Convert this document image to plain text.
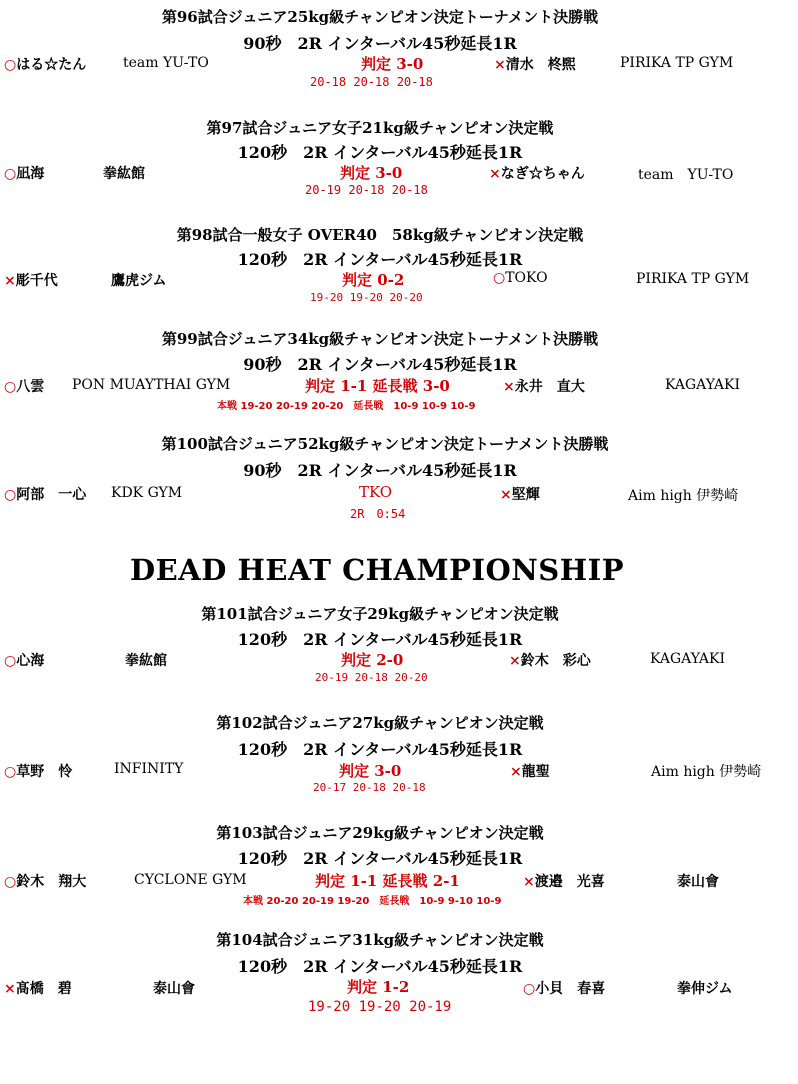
第96試合ジュニア25kg級チャンピオン決定トーナメント決勝戦
90秒　2R インターバル45秒延長1R
○はる☆たん	team YU-TO	判定 3-0	×清水　柊煕	PIRIKA TP GYM
20-18 20-18 20-18
第97試合ジュニア女子21kg級チャンピオン決定戦
120秒　2R インターバル45秒延長1R
○凪海	拳紘館	判定 3-0	×なぎ☆ちゃん	team　YU-TO
20-19 20-18 20-18
第98試合一般女子 OVER40　58kg級チャンピオン決定戦
120秒　2R インターバル45秒延長1R
×彫千代	鷹虎ジム	判定 0-2	○TOKO	PIRIKA TP GYM
19-20 19-20 20-20
第99試合ジュニア34kg級チャンピオン決定トーナメント決勝戦
90秒　2R インターバル45秒延長1R
○八雲 PON MUAYTHAI GYM	判定 1-1 延長戦 3-0	×永井　直大	KAGAYAKI
本戦 19-20 20-19 20-20　延長戦　10-9 10-9 10-9
第100試合ジュニア52kg級チャンピオン決定トーナメント決勝戦
90秒　2R インターバル45秒延長1R
○阿部　一心 KDK GYM	TKO	×堅輝	Aim high 伊勢崎
2R　0:54
DEAD HEAT CHAMPIONSHIP
第101試合ジュニア女子29kg級チャンピオン決定戦
120秒　2R インターバル45秒延長1R
○心海	拳紘館	判定 2-0	×鈴木　彩心	KAGAYAKI
20-19 20-18 20-20
第102試合ジュニア27kg級チャンピオン決定戦
120秒　2R インターバル45秒延長1R
○草野　怜	INFINITY	判定 3-0	×龍聖	Aim high 伊勢崎
20-17 20-18 20-18
第103試合ジュニア29kg級チャンピオン決定戦
120秒　2R インターバル45秒延長1R
○鈴木　翔大	CYCLONE GYM	判定 1-1 延長戦 2-1	×渡邉　光喜	泰山會
本戦 20-20 20-19 19-20　延長戦　10-9 9-10 10-9
第104試合ジュニア31kg級チャンピオン決定戦
120秒　2R インターバル45秒延長1R
×髙橋　碧	泰山會	判定 1-2	○小貝　春喜	拳伸ジム
19-20 19-20 20-19
